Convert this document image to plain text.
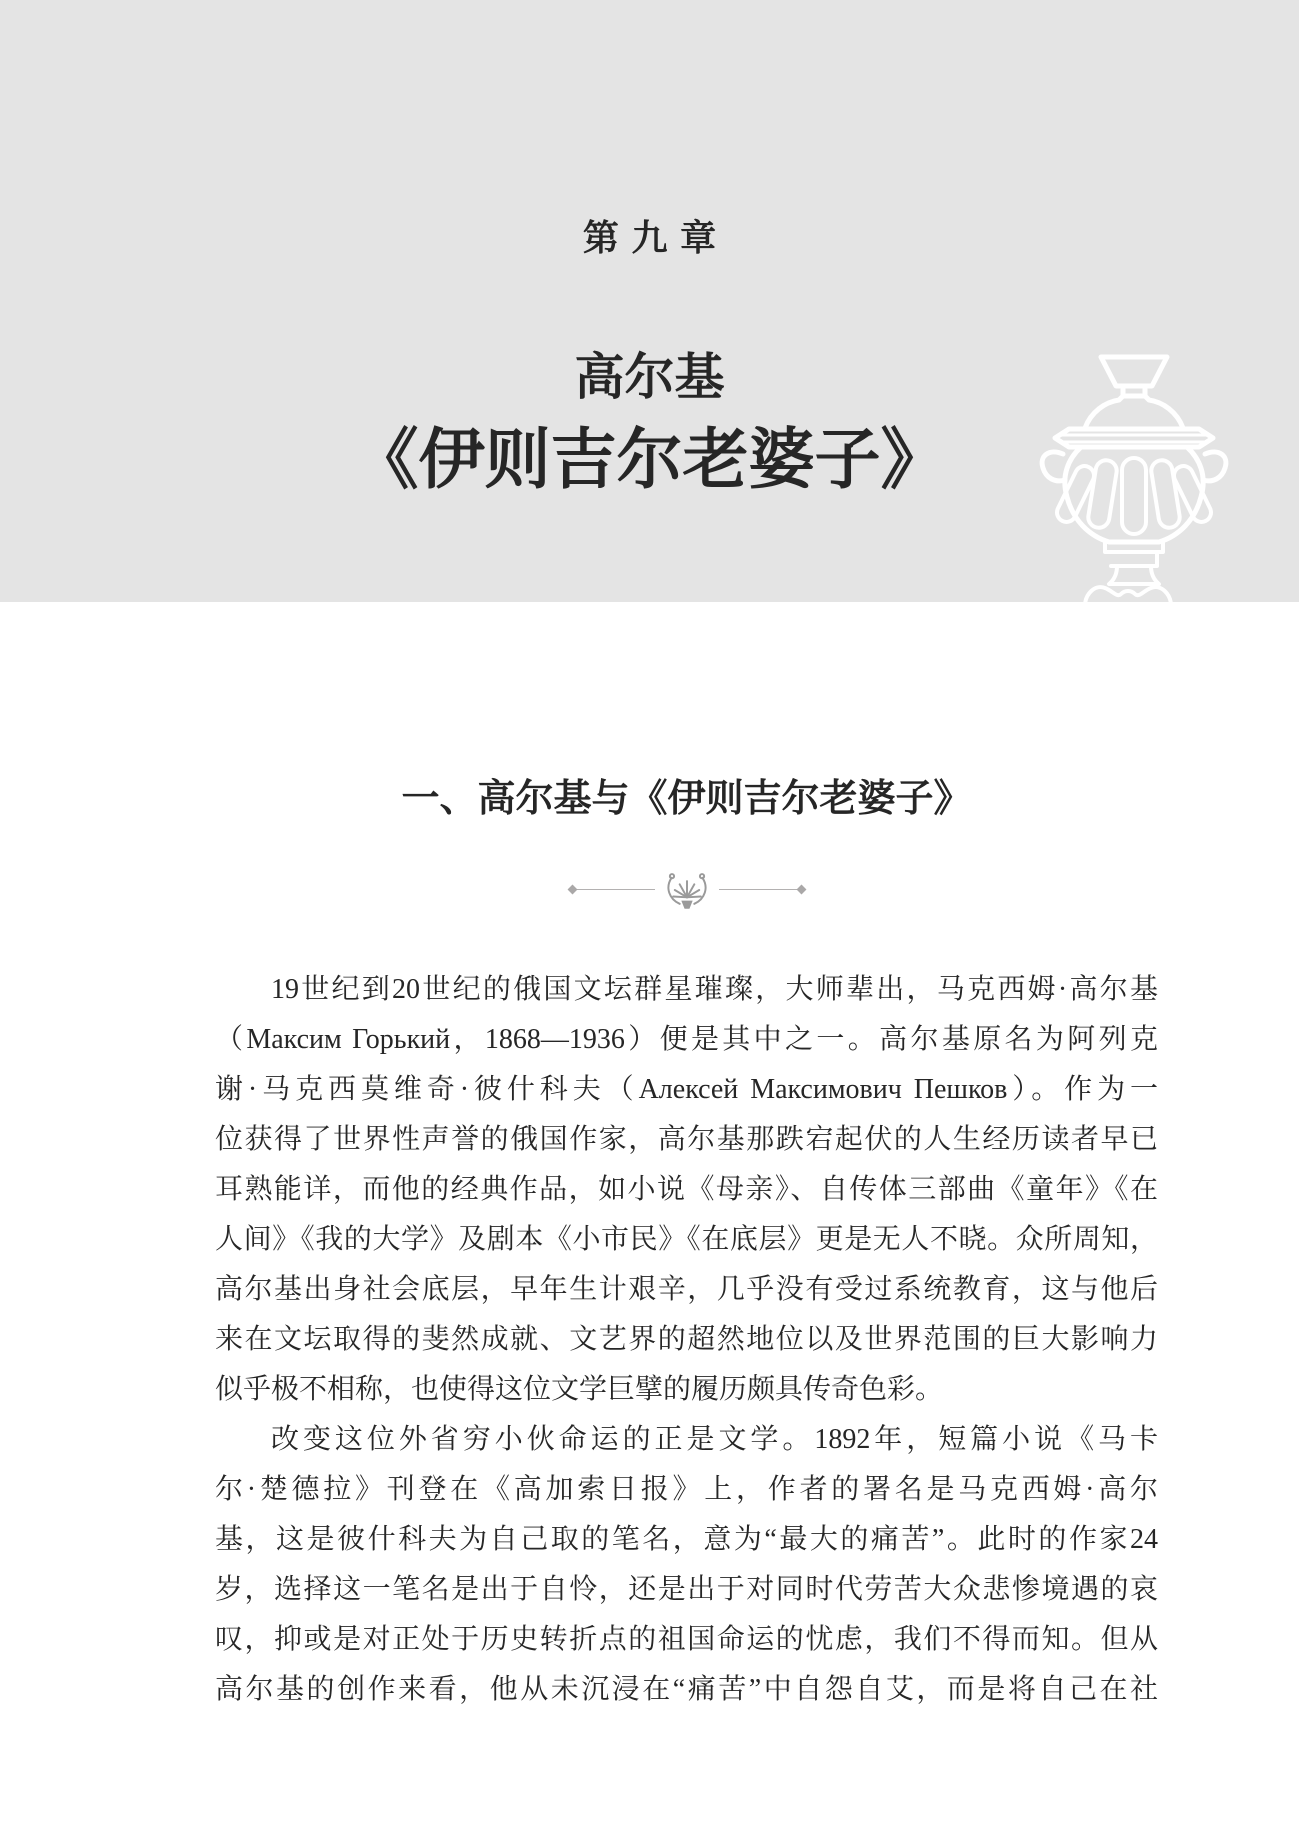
第九章
高尔基
《伊则吉尔老婆子》
一、高尔基与《伊则吉尔老婆子》
19世纪到20世纪的俄国文坛群星璀璨，大师辈出，马克西姆·高尔基
（Максим Горький，1868—1936）便是其中之一。高尔基原名为阿列克
谢·马克西莫维奇·彼什科夫（Алексей Максимович Пешков）。作为一
位获得了世界性声誉的俄国作家，高尔基那跌宕起伏的人生经历读者早已
耳熟能详，而他的经典作品，如小说《母亲》、自传体三部曲《童年》《在
人间》《我的大学》及剧本《小市民》《在底层》更是无人不晓。众所周知，
高尔基出身社会底层，早年生计艰辛，几乎没有受过系统教育，这与他后
来在文坛取得的斐然成就、文艺界的超然地位以及世界范围的巨大影响力
似乎极不相称，也使得这位文学巨擘的履历颇具传奇色彩。
改变这位外省穷小伙命运的正是文学。1892年，短篇小说《马卡
尔·楚德拉》刊登在《高加索日报》上，作者的署名是马克西姆·高尔
基，这是彼什科夫为自己取的笔名，意为“最大的痛苦”。此时的作家24
岁，选择这一笔名是出于自怜，还是出于对同时代劳苦大众悲惨境遇的哀
叹，抑或是对正处于历史转折点的祖国命运的忧虑，我们不得而知。但从
高尔基的创作来看，他从未沉浸在“痛苦”中自怨自艾，而是将自己在社
